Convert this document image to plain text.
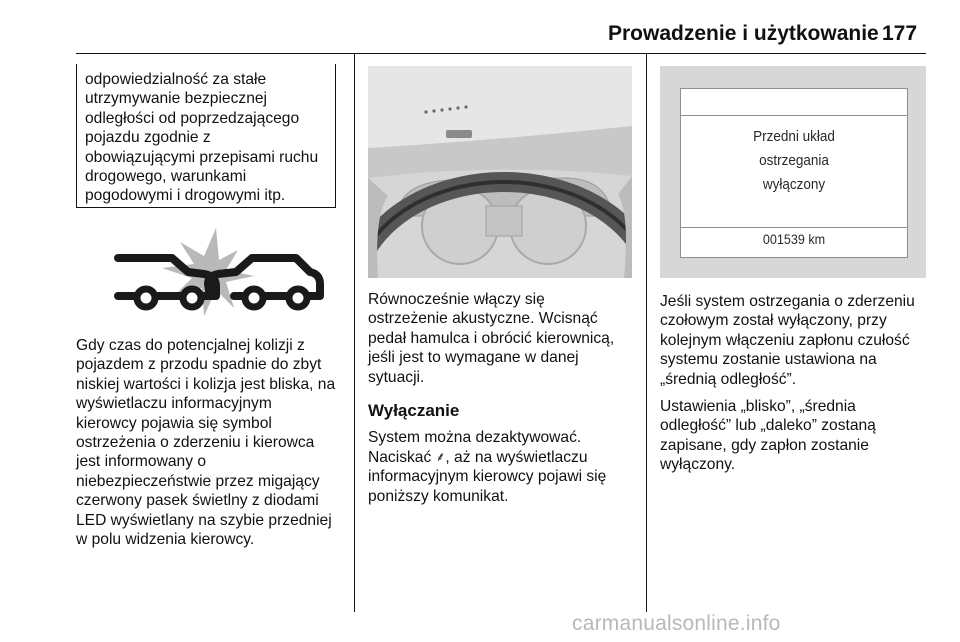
Prowadzenie i użytkowanie 177

odpowiedzialność za stałe

utrzymywanie bezpiecznej

odległości od poprzedzającego

pojazdu zgodnie z

obowiązującymi przepisami ruchu

drogowego, warunkami

pogodowymi i drogowymi itp.

Gdy czas do potencjalnej kolizji z
pojazdem z przodu spadnie do zbyt
niskiej wartości i kolizja jest bliska, na
wyświetlaczu informacyjnym
kierowcy pojawia się symbol
ostrzeżenia o zderzeniu i kierowca
jest informowany o
niebezpieczeństwie przez migający
czerwony pasek świetlny z diodami
LED wyświetlany na szybie przedniej
w polu widzenia kierowcy.

Równocześnie włączy się
ostrzeżenie akustyczne. Wcisnąć
pedał hamulca i obrócić kierownicą,
jeśli jest to wymagane w danej
sytuacji.

Wyłączanie

System można dezaktywować.
Naciskać ⸙, aż na wyświetlaczu
informacyjnym kierowcy pojawi się
poniższy komunikat.

Przedni układ
ostrzegania
wyłączony
001539 km

Jeśli system ostrzegania o zderzeniu
czołowym został wyłączony, przy
kolejnym włączeniu zapłonu czułość
systemu zostanie ustawiona na
„średnią odległość”.

Ustawienia „blisko”, „średnia
odległość” lub „daleko” zostaną
zapisane, gdy zapłon zostanie
wyłączony.

carmanualsonline.info
